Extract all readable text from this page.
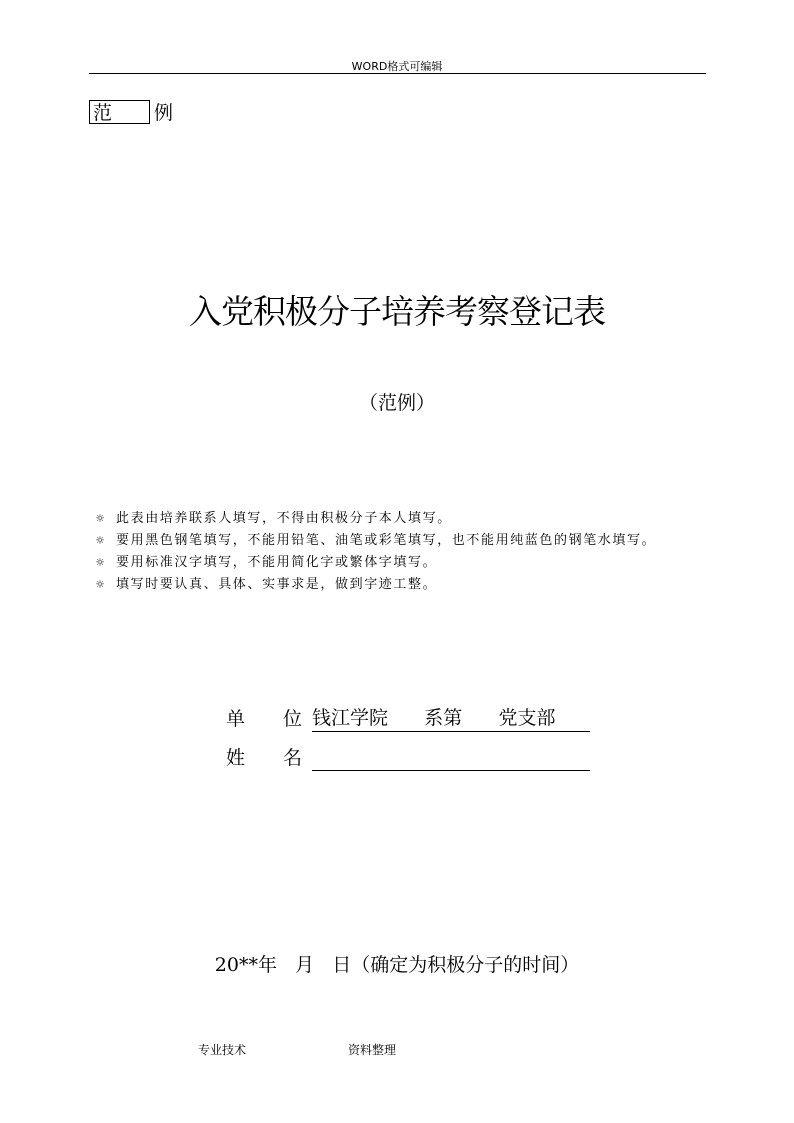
WORD格式可编辑
范 例
入党积极分子培养考察登记表
（范例）
☼ 此表由培养联系人填写，不得由积极分子本人填写。
☼ 要用黑色钢笔填写，不能用铅笔、油笔或彩笔填写，也不能用纯蓝色的钢笔水填写。
☼ 要用标准汉字填写，不能用简化字或繁体字填写。
☼ 填写时要认真、具体、实事求是，做到字迹工整。
单位
钱江学院      系第      党支部
姓名
20**年   月   日（确定为积极分子的时间）
专业技术	资料整理
